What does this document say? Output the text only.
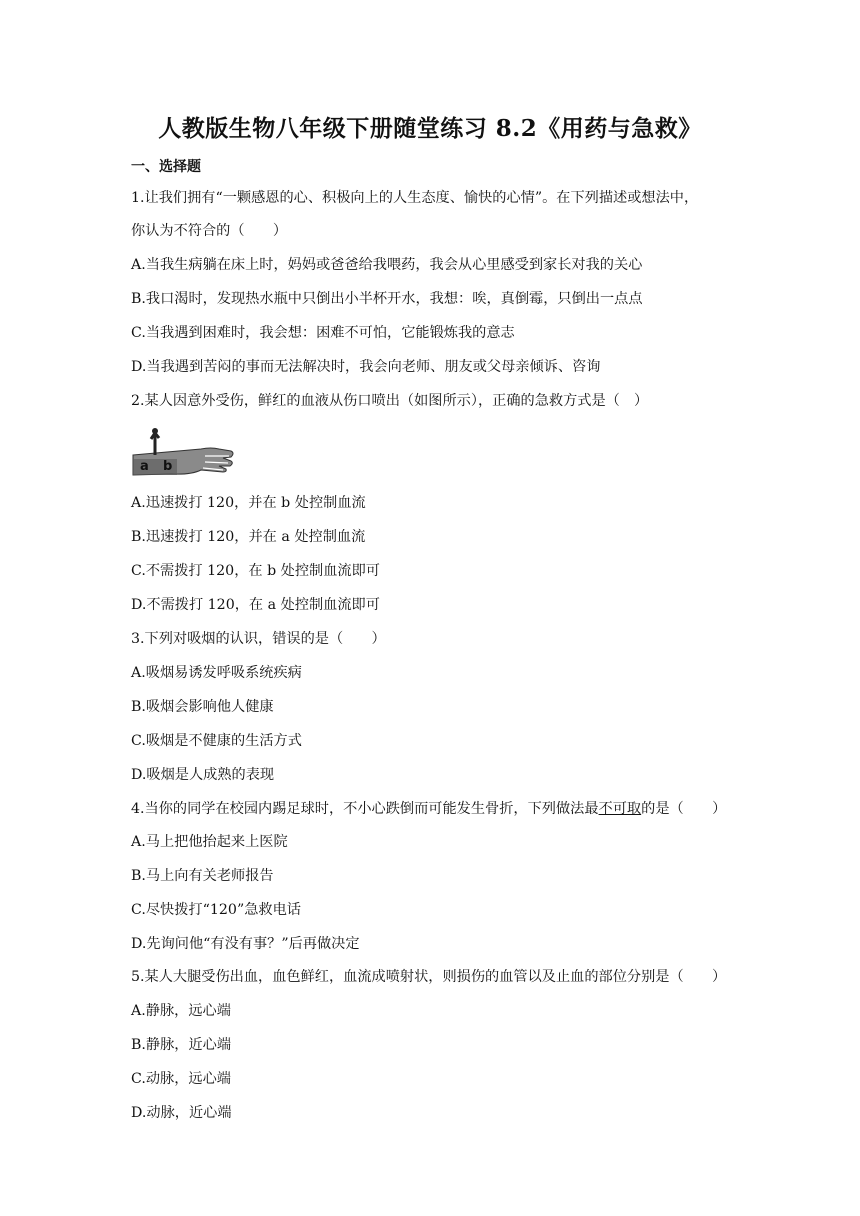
人教版生物八年级下册随堂练习 8.2《用药与急救》
一、选择题
1.让我们拥有“一颗感恩的心、积极向上的人生态度、愉快的心情”。在下列描述或想法中，
你认为不符合的（　　）
A.当我生病躺在床上时，妈妈或爸爸给我喂药，我会从心里感受到家长对我的关心
B.我口渴时，发现热水瓶中只倒出小半杯开水，我想：唉，真倒霉，只倒出一点点
C.当我遇到困难时，我会想：困难不可怕，它能锻炼我的意志
D.当我遇到苦闷的事而无法解决时，我会向老师、朋友或父母亲倾诉、咨询
2.某人因意外受伤，鲜红的血液从伤口喷出（如图所示），正确的急救方式是（　）
a b
A.迅速拨打 120，并在 b 处控制血流
B.迅速拨打 120，并在 a 处控制血流
C.不需拨打 120，在 b 处控制血流即可
D.不需拨打 120，在 a 处控制血流即可
3.下列对吸烟的认识，错误的是（　　）
A.吸烟易诱发呼吸系统疾病
B.吸烟会影响他人健康
C.吸烟是不健康的生活方式
D.吸烟是人成熟的表现
4.当你的同学在校园内踢足球时，不小心跌倒而可能发生骨折，下列做法最不可取的是（　　）
A.马上把他抬起来上医院
B.马上向有关老师报告
C.尽快拨打“120”急救电话
D.先询问他“有没有事？”后再做决定
5.某人大腿受伤出血，血色鲜红，血流成喷射状，则损伤的血管以及止血的部位分别是（　　）
A.静脉，远心端
B.静脉，近心端
C.动脉，远心端
D.动脉，近心端
